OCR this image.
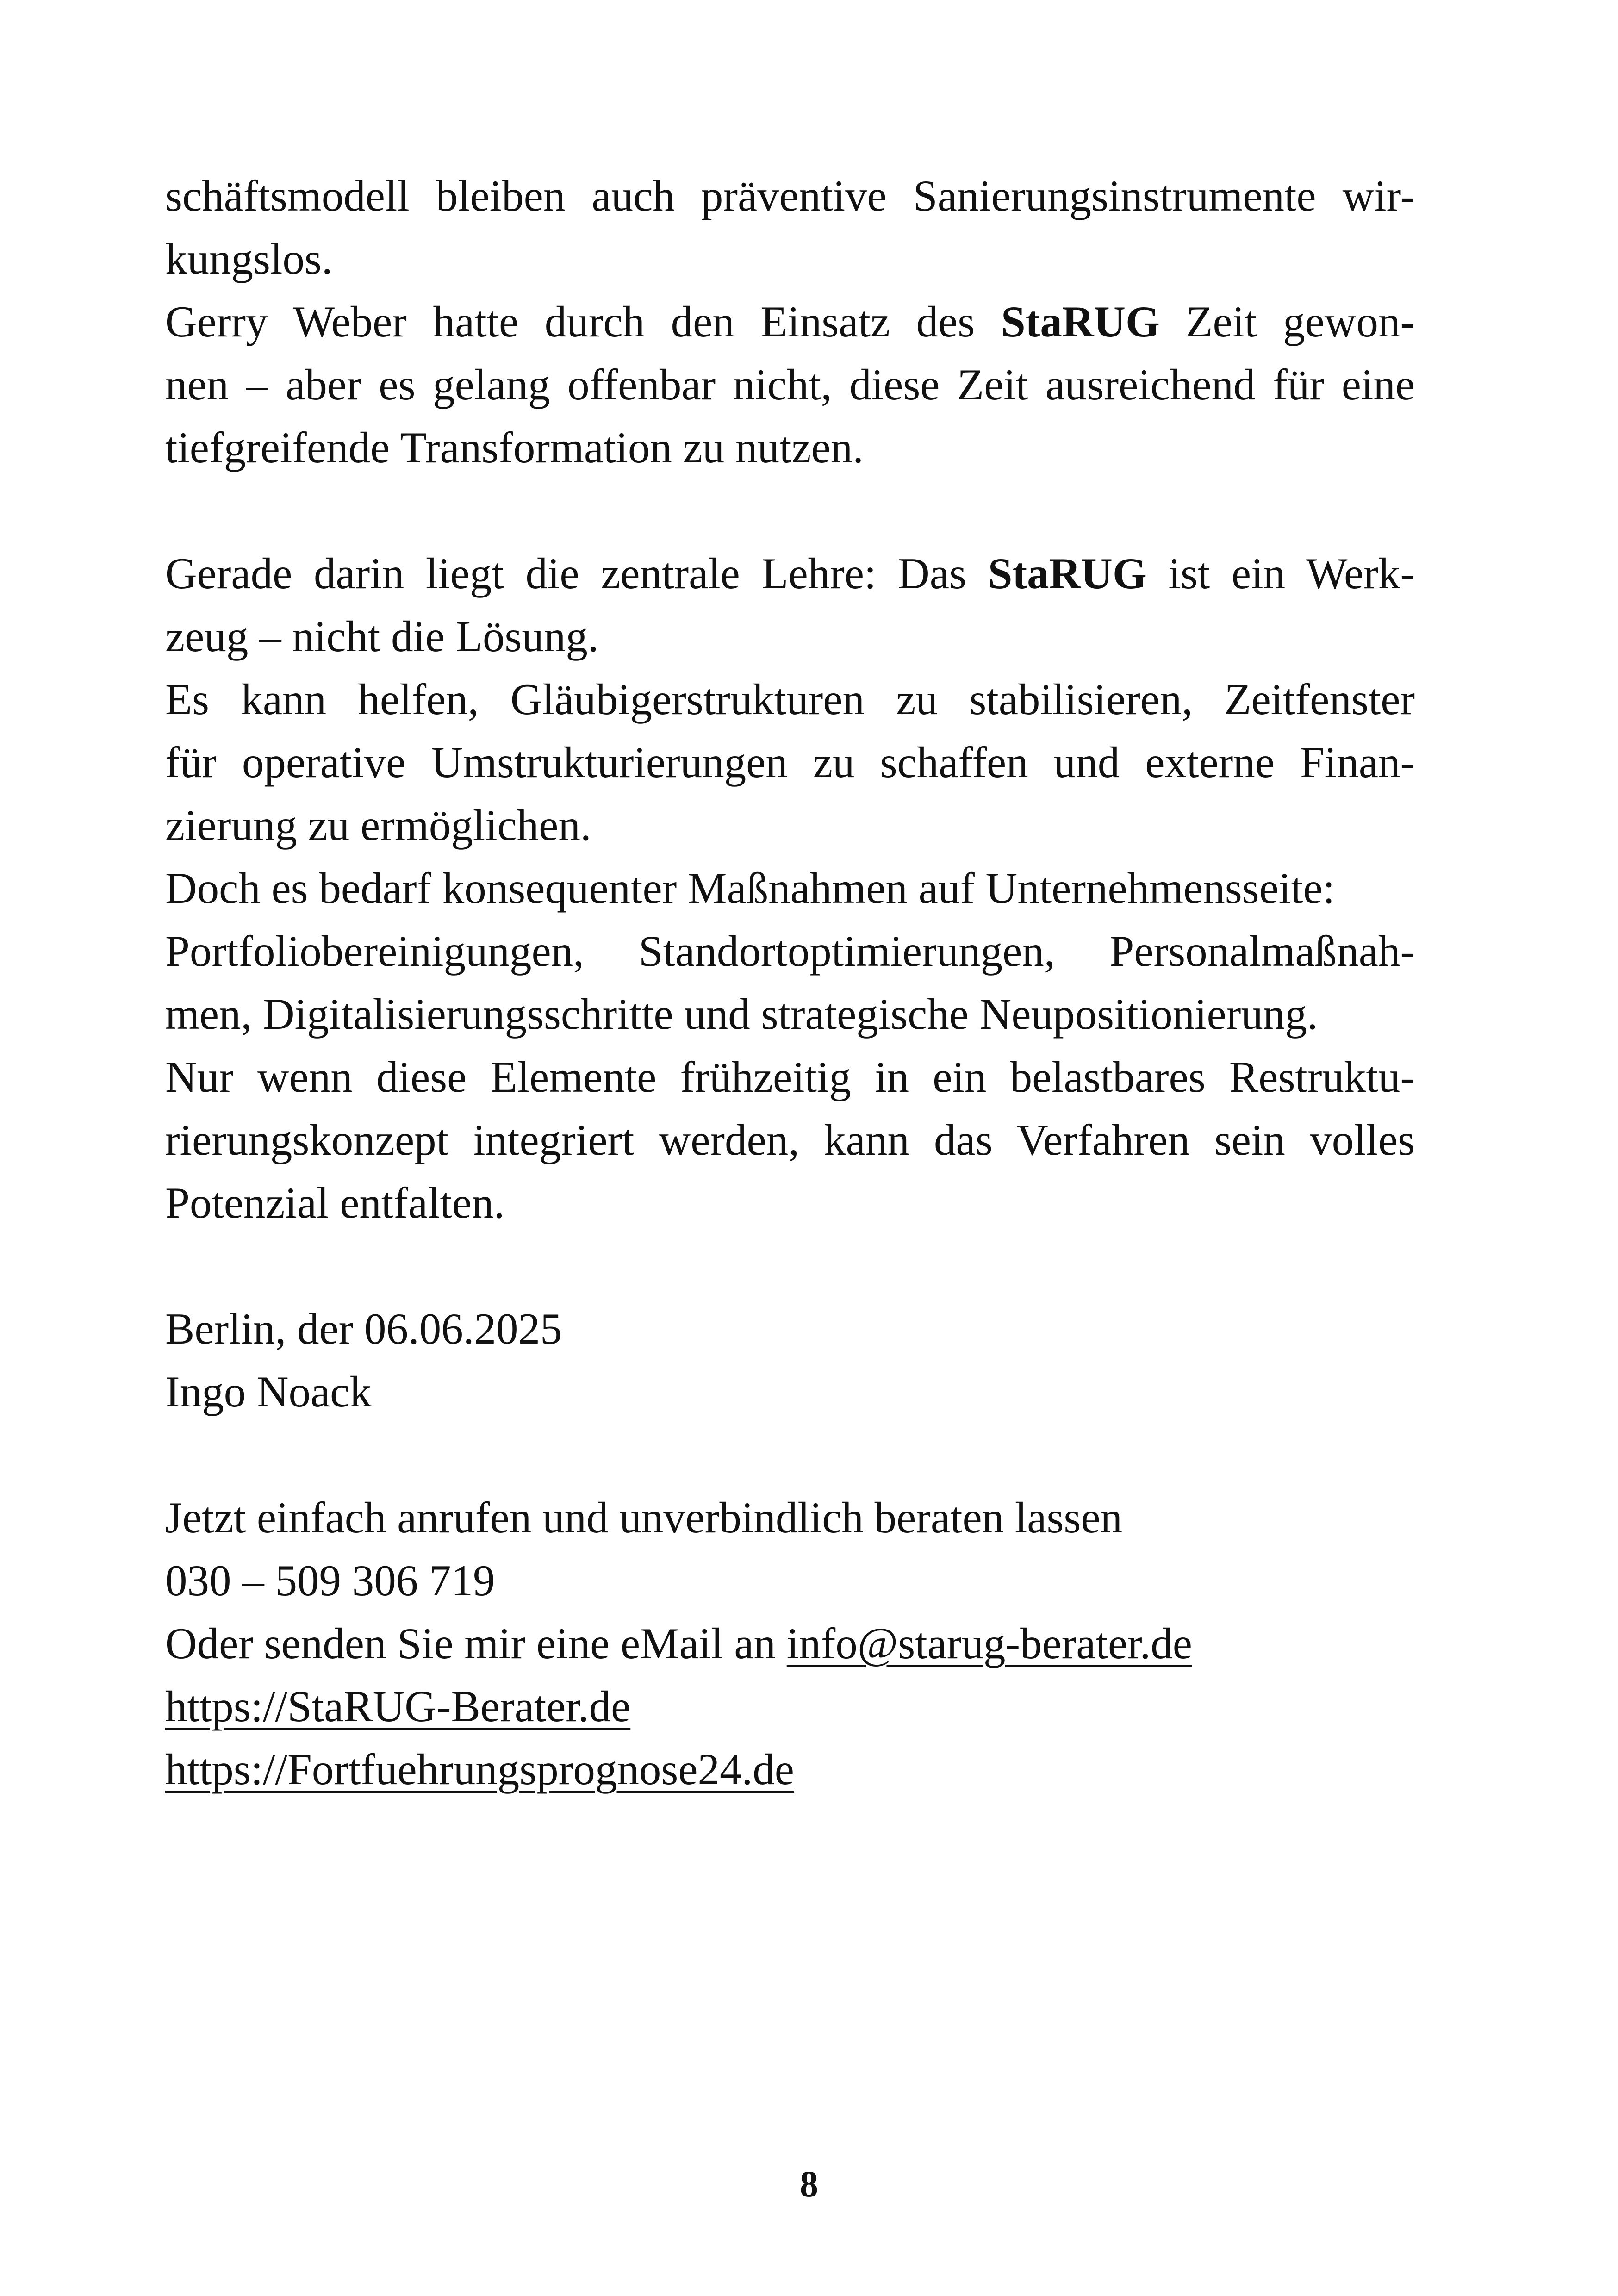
schäftsmodell bleiben auch präventive Sanierungsinstrumente wir-
kungslos.

Gerry Weber hatte durch den Einsatz des StaRUG Zeit gewon-
nen – aber es gelang offenbar nicht, diese Zeit ausreichend für eine
tiefgreifende Transformation zu nutzen.

Gerade darin liegt die zentrale Lehre: Das StaRUG ist ein Werk-
zeug – nicht die Lösung.

Es kann helfen, Gläubigerstrukturen zu stabilisieren, Zeitfenster
für operative Umstrukturierungen zu schaffen und externe Finan-
zierung zu ermöglichen.

Doch es bedarf konsequenter Maßnahmen auf Unternehmensseite:
Portfoliobereinigungen, Standortoptimierungen, Personalmaßnah-
men, Digitalisierungsschritte und strategische Neupositionierung.

Nur wenn diese Elemente frühzeitig in ein belastbares Restruktu-
rierungskonzept integriert werden, kann das Verfahren sein volles
Potenzial entfalten.

Berlin, der 06.06.2025
Ingo Noack

Jetzt einfach anrufen und unverbindlich beraten lassen
030 – 509 306 719
Oder senden Sie mir eine eMail an info@starug-berater.de
https://StaRUG-Berater.de
https://Fortfuehrungsprognose24.de

8
